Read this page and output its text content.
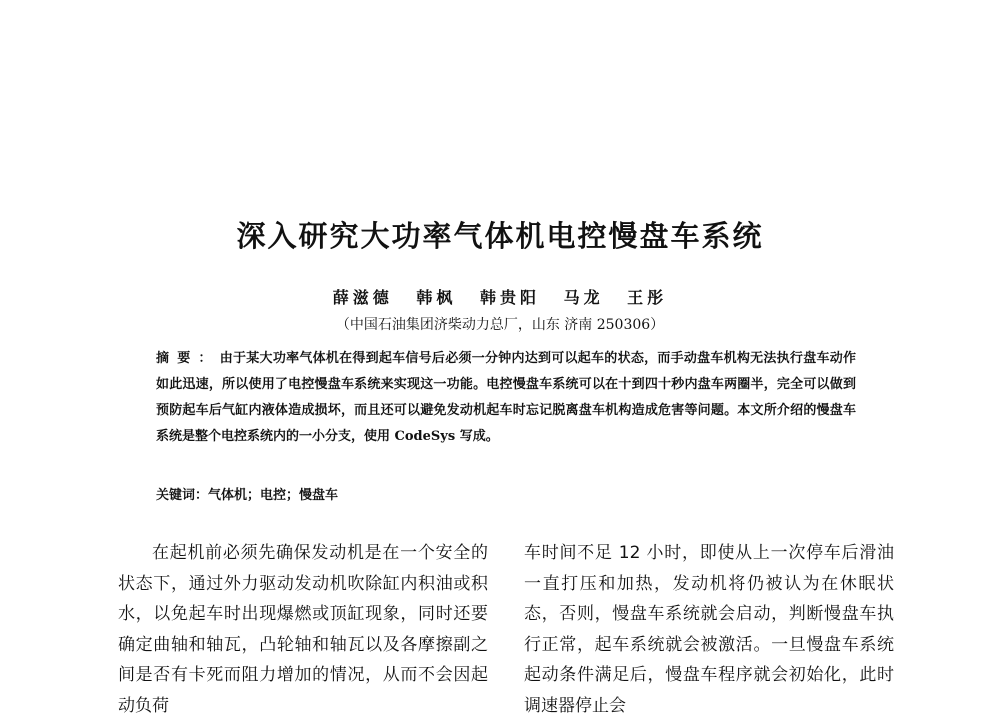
深入研究大功率气体机电控慢盘车系统
薛滋德 韩枫 韩贵阳 马龙 王彤
（中国石油集团济柴动力总厂，山东 济南 250306）
摘要：由于某大功率气体机在得到起车信号后必须一分钟内达到可以起车的状态，而手动盘车机构无法执行盘车动作如此迅速，所以使用了电控慢盘车系统来实现这一功能。电控慢盘车系统可以在十到四十秒内盘车两圈半，完全可以做到预防起车后气缸内液体造成损坏，而且还可以避免发动机起车时忘记脱离盘车机构造成危害等问题。本文所介绍的慢盘车系统是整个电控系统内的一小分支，使用 CodeSys 写成。
关键词：气体机；电控；慢盘车
在起机前必须先确保发动机是在一个安全的状态下，通过外力驱动发动机吹除缸内积油或积水，以免起车时出现爆燃或顶缸现象，同时还要确定曲轴和轴瓦，凸轮轴和轴瓦以及各摩擦副之间是否有卡死而阻力增加的情况，从而不会因起动负荷
车时间不足 12 小时，即使从上一次停车后滑油一直打压和加热，发动机将仍被认为在休眠状态，否则，慢盘车系统就会启动，判断慢盘车执行正常，起车系统就会被激活。一旦慢盘车系统起动条件满足后，慢盘车程序就会初始化，此时调速器停止会
